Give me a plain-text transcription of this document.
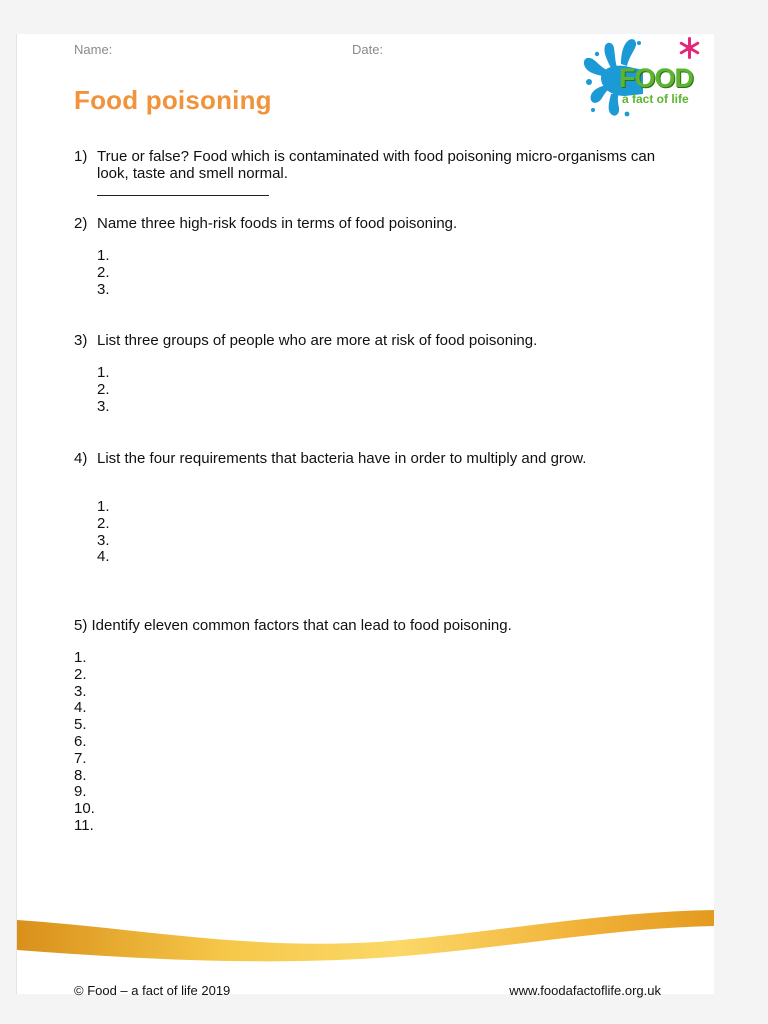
Name:	Date:
FOOD
a fact of life
Food poisoning
1) True or false? Food which is contaminated with food poisoning micro-organisms can look, taste and smell normal.
2) Name three high-risk foods in terms of food poisoning.
1.
2.
3.
3) List three groups of people who are more at risk of food poisoning.
1.
2.
3.
4) List the four requirements that bacteria have in order to multiply and grow.
1.
2.
3.
4.
5) Identify eleven common factors that can lead to food poisoning.
1.
2.
3.
4.
5.
6.
7.
8.
9.
10.
11.
© Food – a fact of life 2019	www.foodafactoflife.org.uk
